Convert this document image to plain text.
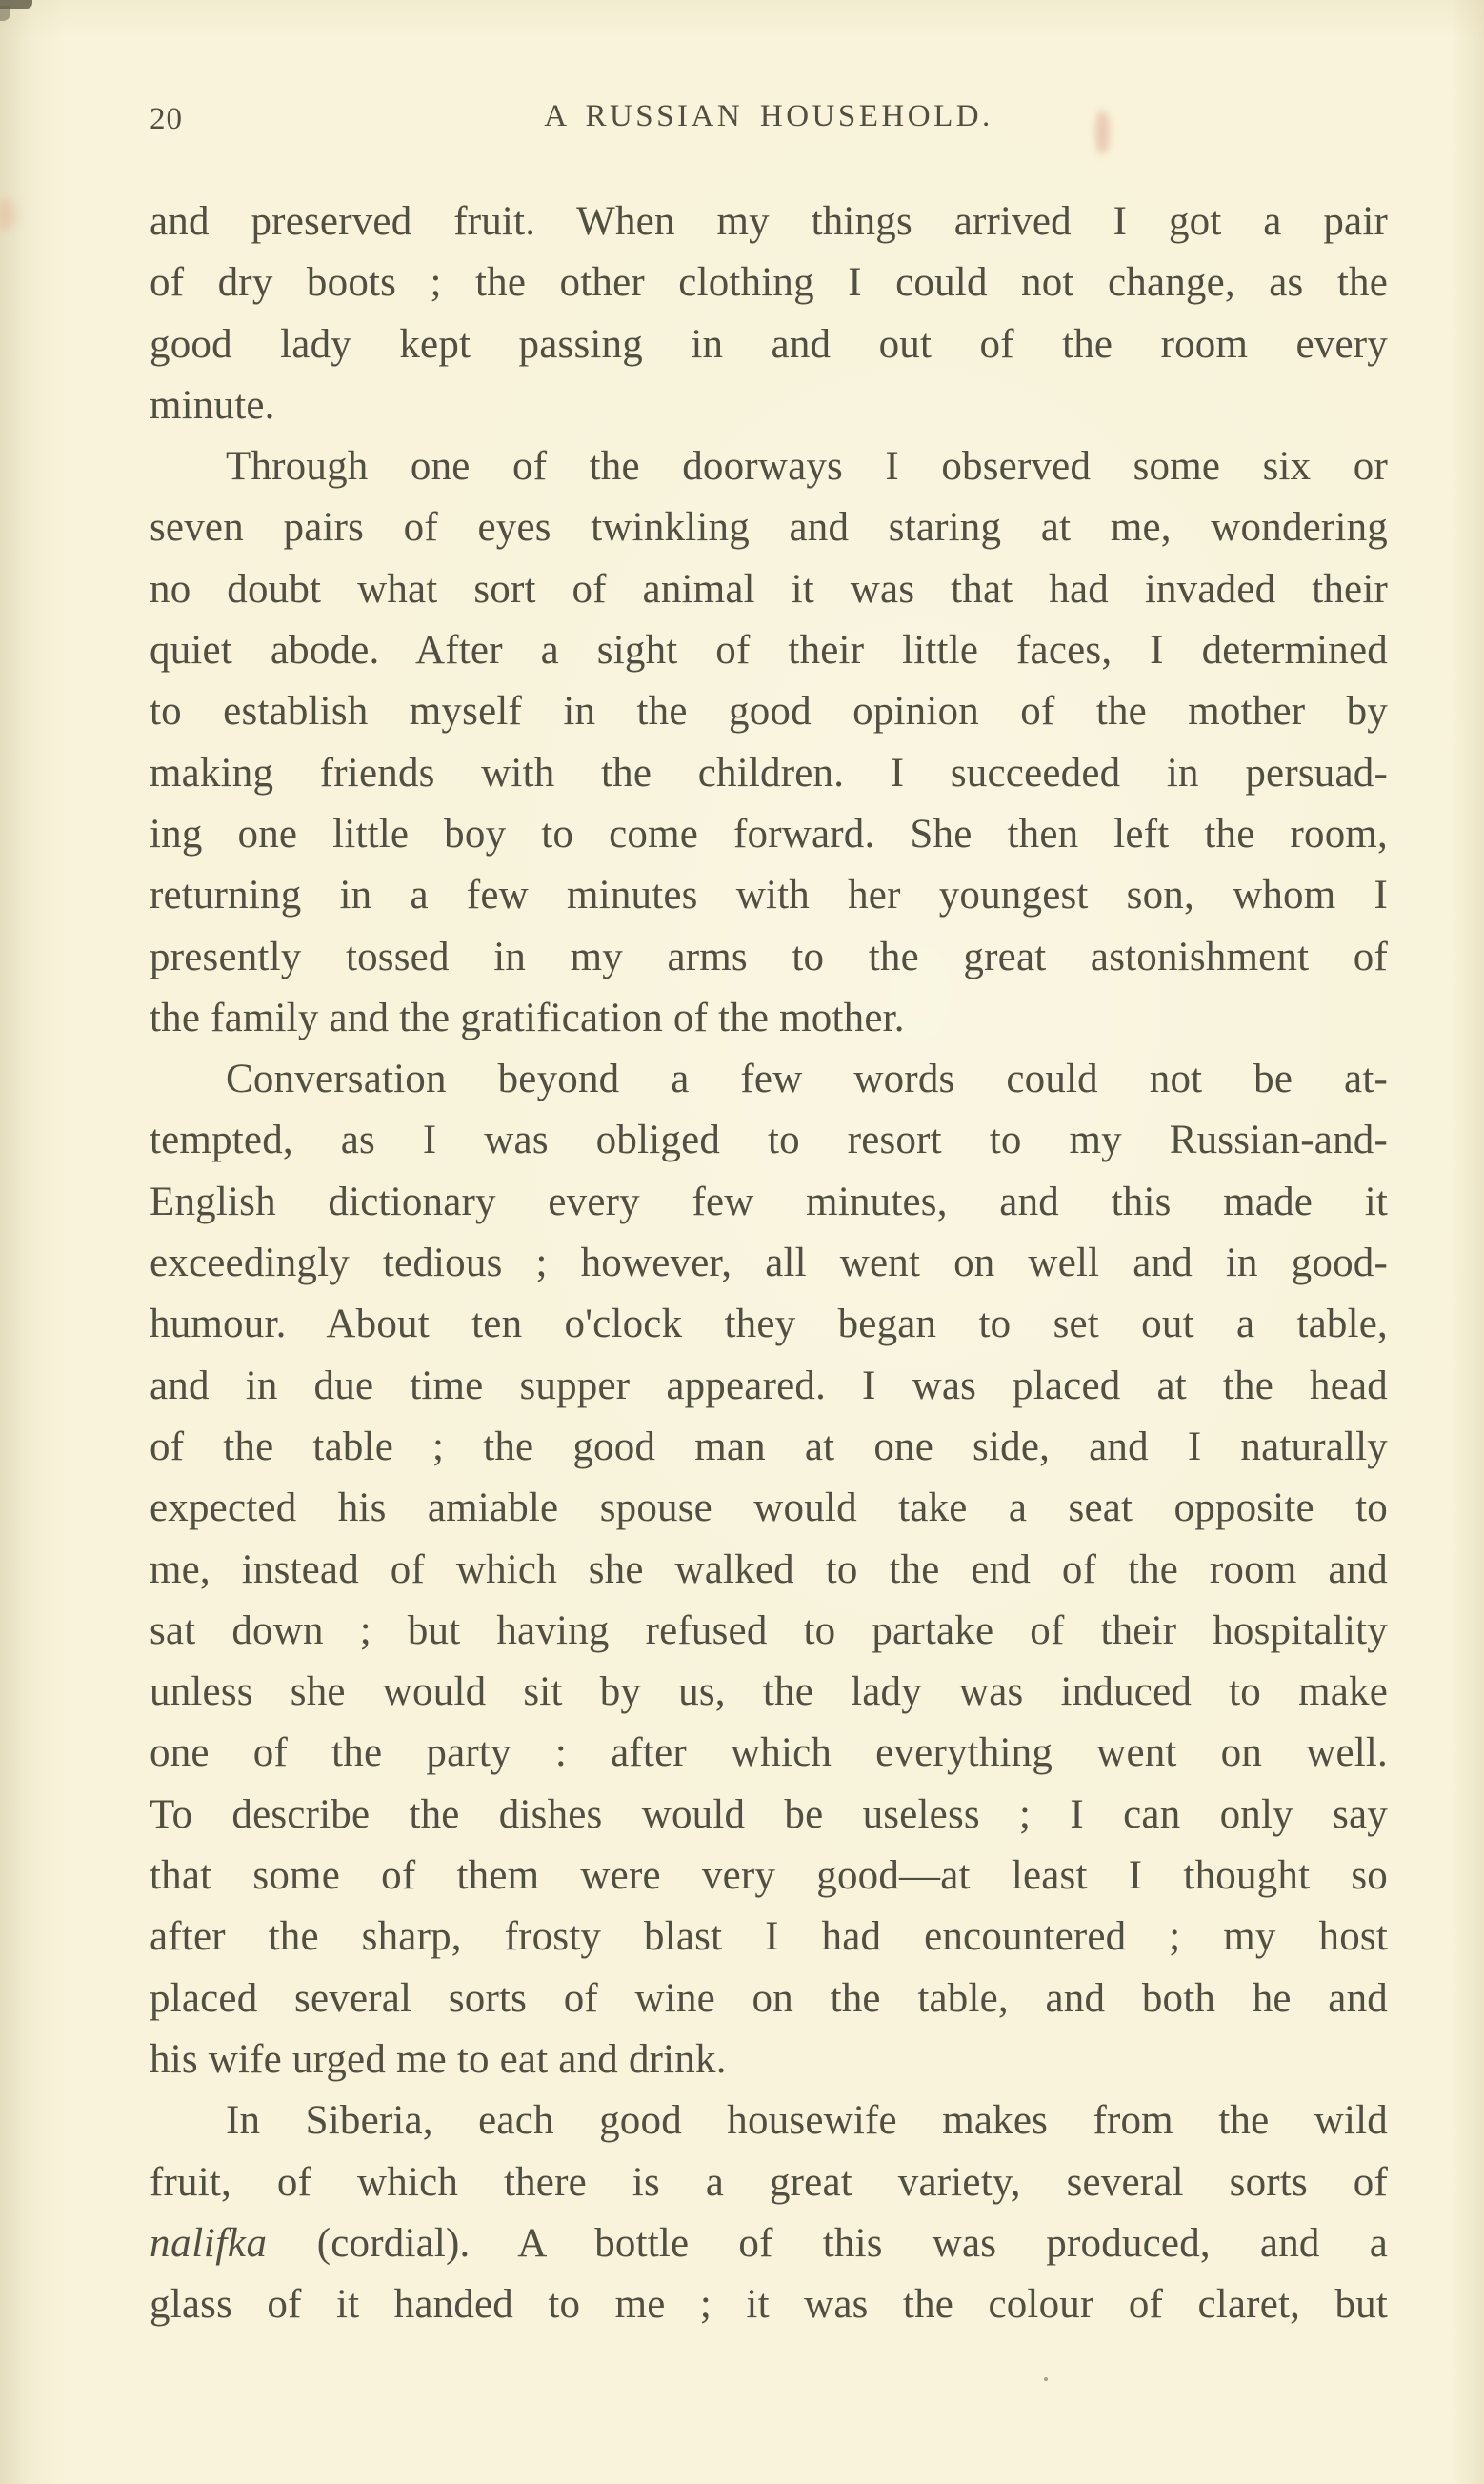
20	A RUSSIAN HOUSEHOLD.
and preserved fruit. When my things arrived I got a pair
of dry boots ; the other clothing I could not change, as the
good lady kept passing in and out of the room every
minute.
Through one of the doorways I observed some six or
seven pairs of eyes twinkling and staring at me, wondering
no doubt what sort of animal it was that had invaded their
quiet abode. After a sight of their little faces, I determined
to establish myself in the good opinion of the mother by
making friends with the children. I succeeded in persuad-
ing one little boy to come forward. She then left the room,
returning in a few minutes with her youngest son, whom I
presently tossed in my arms to the great astonishment of
the family and the gratification of the mother.
Conversation beyond a few words could not be at-
tempted, as I was obliged to resort to my Russian-and-
English dictionary every few minutes, and this made it
exceedingly tedious ; however, all went on well and in good-
humour. About ten o'clock they began to set out a table,
and in due time supper appeared. I was placed at the head
of the table ; the good man at one side, and I naturally
expected his amiable spouse would take a seat opposite to
me, instead of which she walked to the end of the room and
sat down ; but having refused to partake of their hospitality
unless she would sit by us, the lady was induced to make
one of the party : after which everything went on well.
To describe the dishes would be useless ; I can only say
that some of them were very good—at least I thought so
after the sharp, frosty blast I had encountered ; my host
placed several sorts of wine on the table, and both he and
his wife urged me to eat and drink.
In Siberia, each good housewife makes from the wild
fruit, of which there is a great variety, several sorts of
nalifka (cordial). A bottle of this was produced, and a
glass of it handed to me ; it was the colour of claret, but
